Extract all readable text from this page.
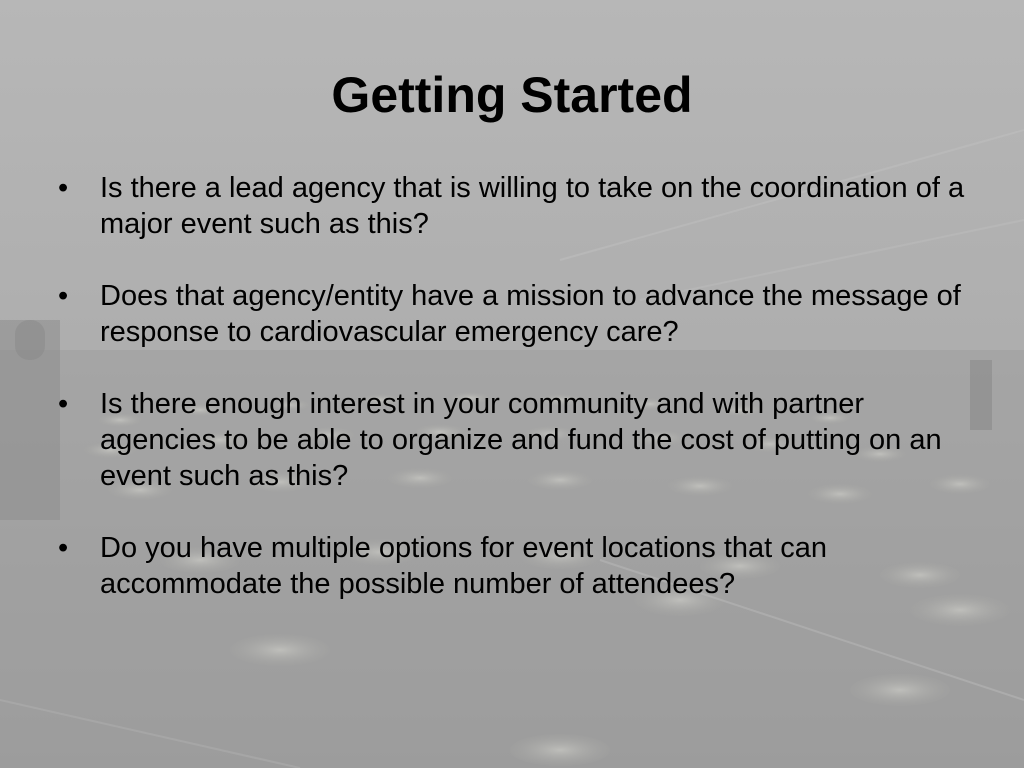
Getting Started
• Is there a lead agency that is willing to take on the coordination of a major event such as this?
• Does that agency/entity have a mission to advance the message of response to cardiovascular emergency care?
• Is there enough interest in your community and with partner agencies to be able to organize and fund the cost of putting on an event such as this?
• Do you have multiple options for event locations that can accommodate the possible number of attendees?
